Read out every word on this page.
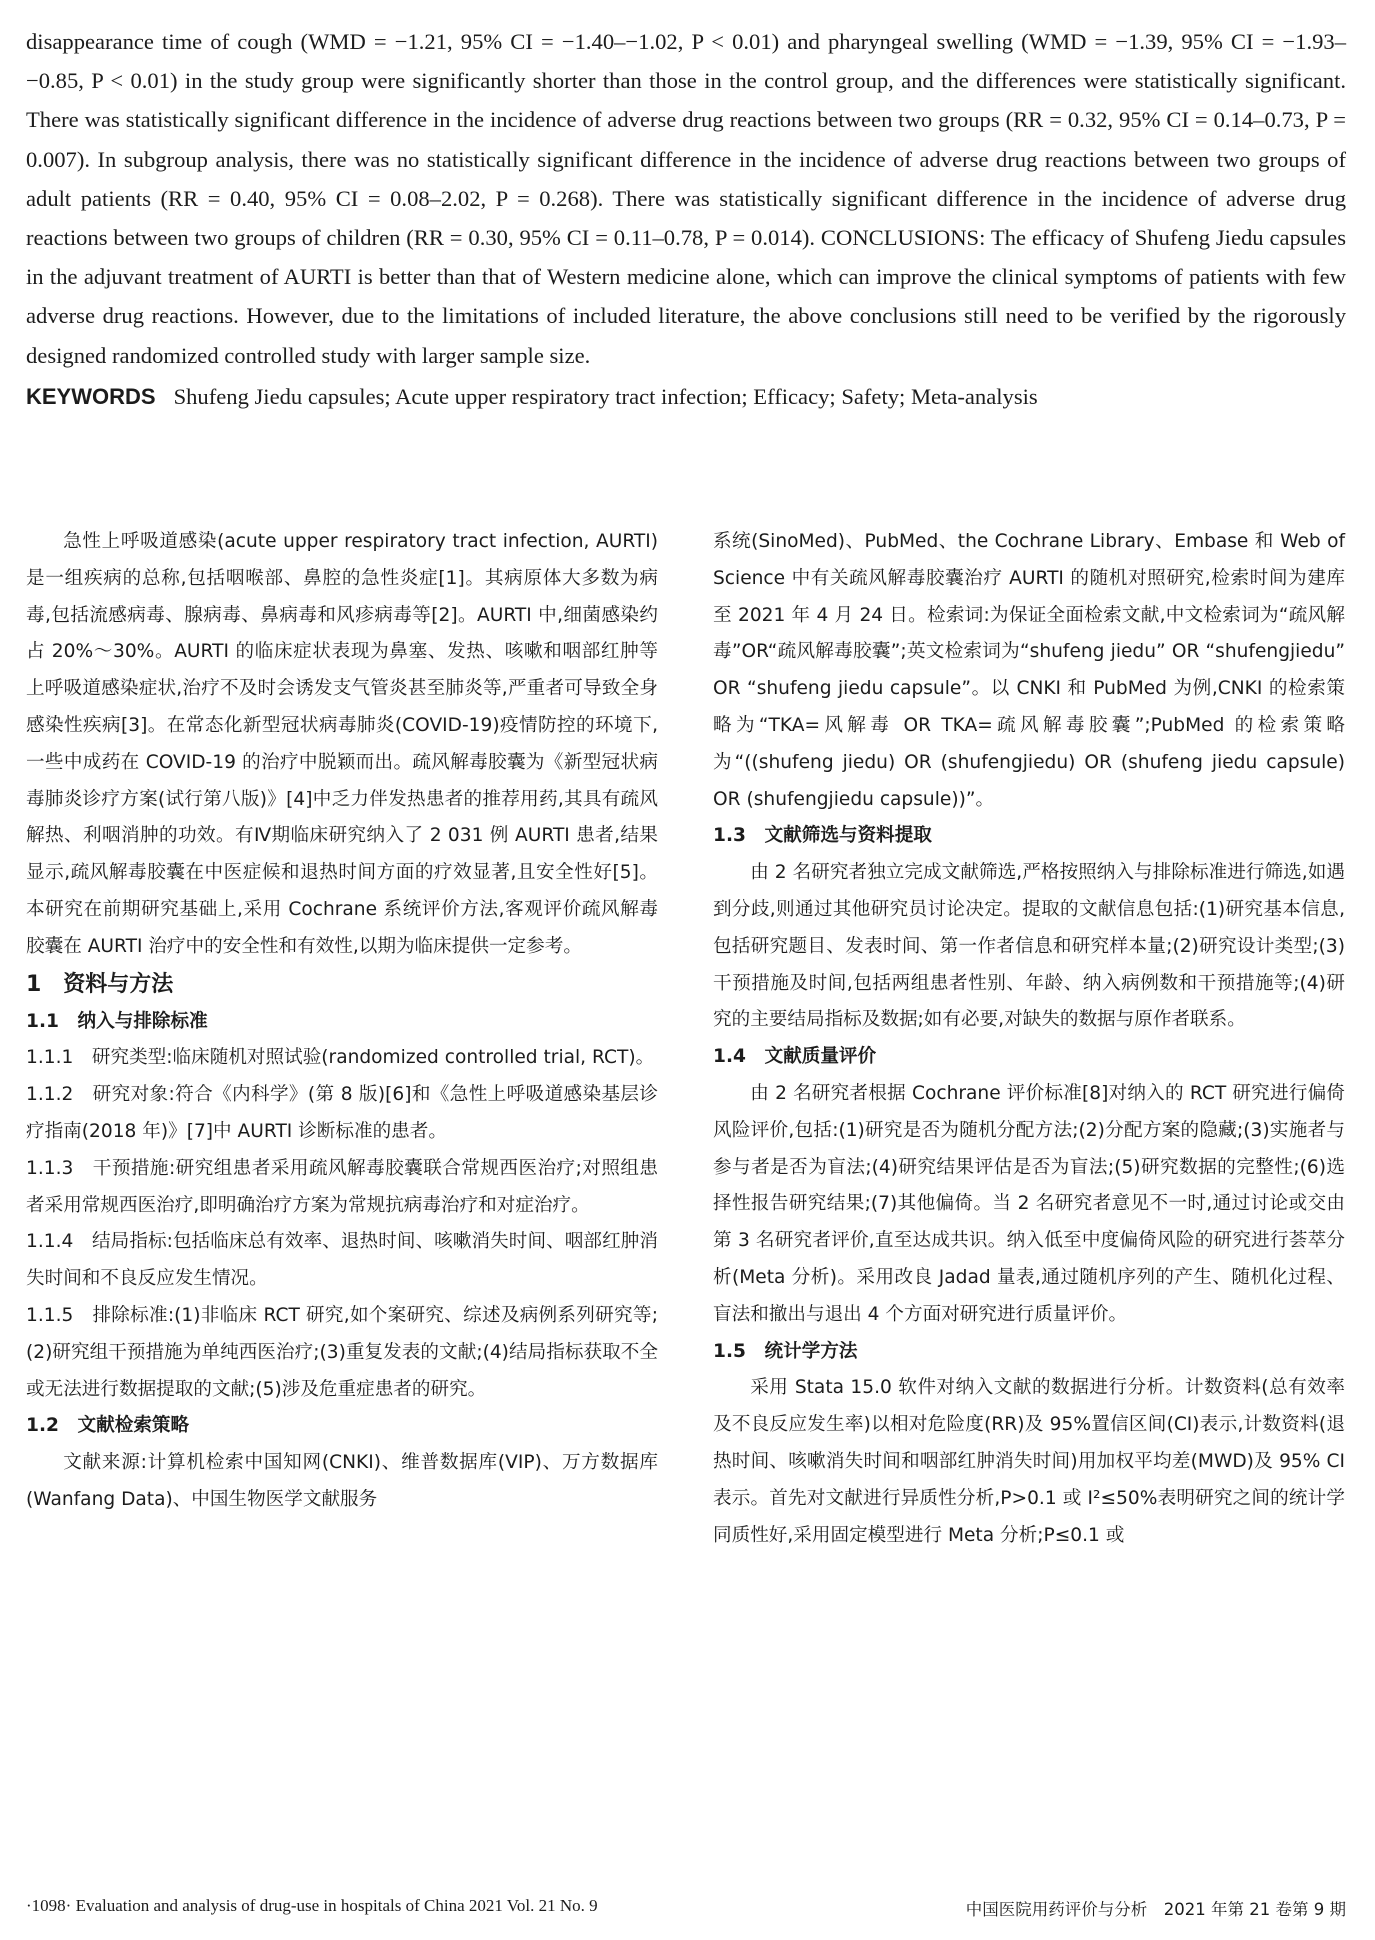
disappearance time of cough (WMD = −1.21, 95% CI = −1.40–−1.02, P < 0.01) and pharyngeal swelling (WMD = −1.39, 95% CI = −1.93–−0.85, P < 0.01) in the study group were significantly shorter than those in the control group, and the differences were statistically significant. There was statistically significant difference in the incidence of adverse drug reactions between two groups (RR = 0.32, 95% CI = 0.14–0.73, P = 0.007). In subgroup analysis, there was no statistically significant difference in the incidence of adverse drug reactions between two groups of adult patients (RR = 0.40, 95% CI = 0.08–2.02, P = 0.268). There was statistically significant difference in the incidence of adverse drug reactions between two groups of children (RR = 0.30, 95% CI = 0.11–0.78, P = 0.014). CONCLUSIONS: The efficacy of Shufeng Jiedu capsules in the adjuvant treatment of AURTI is better than that of Western medicine alone, which can improve the clinical symptoms of patients with few adverse drug reactions. However, due to the limitations of included literature, the above conclusions still need to be verified by the rigorously designed randomized controlled study with larger sample size.

KEYWORDS Shufeng Jiedu capsules; Acute upper respiratory tract infection; Efficacy; Safety; Meta-analysis

急性上呼吸道感染(acute upper respiratory tract infection, AURTI)是一组疾病的总称,包括咽喉部、鼻腔的急性炎症[1]。其病原体大多数为病毒,包括流感病毒、腺病毒、鼻病毒和风疹病毒等[2]。AURTI 中,细菌感染约占 20%～30%。AURTI 的临床症状表现为鼻塞、发热、咳嗽和咽部红肿等上呼吸道感染症状,治疗不及时会诱发支气管炎甚至肺炎等,严重者可导致全身感染性疾病[3]。在常态化新型冠状病毒肺炎(COVID-19)疫情防控的环境下,一些中成药在 COVID-19 的治疗中脱颖而出。疏风解毒胶囊为《新型冠状病毒肺炎诊疗方案(试行第八版)》[4]中乏力伴发热患者的推荐用药,其具有疏风解热、利咽消肿的功效。有Ⅳ期临床研究纳入了 2 031 例 AURTI 患者,结果显示,疏风解毒胶囊在中医症候和退热时间方面的疗效显著,且安全性好[5]。本研究在前期研究基础上,采用 Cochrane 系统评价方法,客观评价疏风解毒胶囊在 AURTI 治疗中的安全性和有效性,以期为临床提供一定参考。

1　资料与方法

1.1　纳入与排除标准

1.1.1　研究类型:临床随机对照试验(randomized controlled trial, RCT)。

1.1.2　研究对象:符合《内科学》(第 8 版)[6]和《急性上呼吸道感染基层诊疗指南(2018 年)》[7]中 AURTI 诊断标准的患者。

1.1.3　干预措施:研究组患者采用疏风解毒胶囊联合常规西医治疗;对照组患者采用常规西医治疗,即明确治疗方案为常规抗病毒治疗和对症治疗。

1.1.4　结局指标:包括临床总有效率、退热时间、咳嗽消失时间、咽部红肿消失时间和不良反应发生情况。

1.1.5　排除标准:(1)非临床 RCT 研究,如个案研究、综述及病例系列研究等;(2)研究组干预措施为单纯西医治疗;(3)重复发表的文献;(4)结局指标获取不全或无法进行数据提取的文献;(5)涉及危重症患者的研究。

1.2　文献检索策略

文献来源:计算机检索中国知网(CNKI)、维普数据库(VIP)、万方数据库(Wanfang Data)、中国生物医学文献服务

系统(SinoMed)、PubMed、the Cochrane Library、Embase 和 Web of Science 中有关疏风解毒胶囊治疗 AURTI 的随机对照研究,检索时间为建库至 2021 年 4 月 24 日。检索词:为保证全面检索文献,中文检索词为“疏风解毒”OR“疏风解毒胶囊”;英文检索词为“shufeng jiedu” OR “shufengjiedu” OR “shufeng jiedu capsule”。以 CNKI 和 PubMed 为例,CNKI 的检索策略为“TKA=风解毒 OR TKA=疏风解毒胶囊”;PubMed 的检索策略为“((shufeng jiedu) OR (shufengjiedu) OR (shufeng jiedu capsule) OR (shufengjiedu capsule))”。

1.3　文献筛选与资料提取

由 2 名研究者独立完成文献筛选,严格按照纳入与排除标准进行筛选,如遇到分歧,则通过其他研究员讨论决定。提取的文献信息包括:(1)研究基本信息,包括研究题目、发表时间、第一作者信息和研究样本量;(2)研究设计类型;(3)干预措施及时间,包括两组患者性别、年龄、纳入病例数和干预措施等;(4)研究的主要结局指标及数据;如有必要,对缺失的数据与原作者联系。

1.4　文献质量评价

由 2 名研究者根据 Cochrane 评价标准[8]对纳入的 RCT 研究进行偏倚风险评价,包括:(1)研究是否为随机分配方法;(2)分配方案的隐藏;(3)实施者与参与者是否为盲法;(4)研究结果评估是否为盲法;(5)研究数据的完整性;(6)选择性报告研究结果;(7)其他偏倚。当 2 名研究者意见不一时,通过讨论或交由第 3 名研究者评价,直至达成共识。纳入低至中度偏倚风险的研究进行荟萃分析(Meta 分析)。采用改良 Jadad 量表,通过随机序列的产生、随机化过程、盲法和撤出与退出 4 个方面对研究进行质量评价。

1.5　统计学方法

采用 Stata 15.0 软件对纳入文献的数据进行分析。计数资料(总有效率及不良反应发生率)以相对危险度(RR)及 95%置信区间(CI)表示,计数资料(退热时间、咳嗽消失时间和咽部红肿消失时间)用加权平均差(MWD)及 95% CI 表示。首先对文献进行异质性分析,P>0.1 或 I²≤50%表明研究之间的统计学同质性好,采用固定模型进行 Meta 分析;P≤0.1 或

·1098· Evaluation and analysis of drug-use in hospitals of China 2021 Vol. 21 No. 9	中国医院用药评价与分析　2021 年第 21 卷第 9 期
